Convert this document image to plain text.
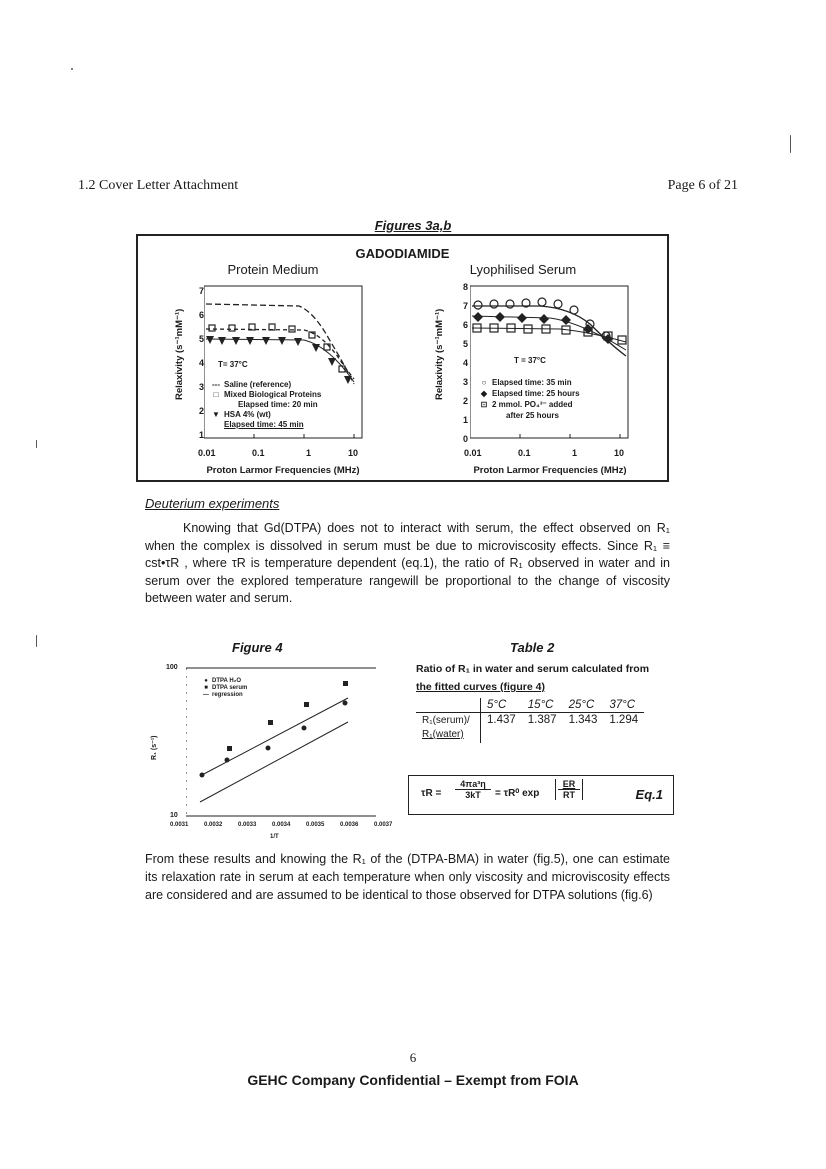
1.2 Cover Letter Attachment	Page 6 of 21
Figures 3a,b
GADODIAMIDE
Protein Medium
Relaxivity (s⁻¹mM⁻¹)
7
6
5
4
3
2
1
T= 37°C
--- Saline (reference)
□ Mixed Biological Proteins
Elapsed time: 20 min
▼ HSA 4% (wt)
Elapsed time: 45 min
0.01	0.1	1	10
Proton Larmor Frequencies (MHz)
Lyophilised Serum
Relaxivity (s⁻¹mM⁻¹)
8
7
6
5
4
3
2
1
0
T = 37°C
○ Elapsed time: 35 min
◆ Elapsed time: 25 hours
⊡ 2 mmol. PO₄³⁻ added
after 25 hours
0.01	0.1	1	10
Proton Larmor Frequencies (MHz)
Deuterium experiments

Knowing that Gd(DTPA) does not to interact with serum, the effect observed on R₁ when the complex is dissolved in serum must be due to microviscosity effects. Since R₁ ≡ cst•τR , where τR is temperature dependent (eq.1), the ratio of R₁ observed in water and in serum over the explored temperature rangewill be proportional to the change of viscosity between water and serum.

Figure 4
100
10
R₁ (s⁻¹)
● DTPA H₂O
■ DTPA serum
— regression
0.0031	0.0032	0.0033	0.0034	0.0035	0.0036	0.0037
1/T
Table 2
Ratio of R₁ in water and serum calculated from
the fitted curves (figure 4)
	5°C	15°C	25°C	37°C

R₁(serum)/
R₁(water)	1.437	1.387	1.343	1.294
τR =
4πa³η
3kT	= τR⁰ exp
ER
RT	Eq.1
From these results and knowing the R₁ of the (DTPA-BMA) in water (fig.5), one can estimate its relaxation rate in serum at each temperature when only viscosity and microviscosity effects are considered and are assumed to be identical to those observed for DTPA solutions (fig.6)
6
GEHC Company Confidential – Exempt from FOIA
